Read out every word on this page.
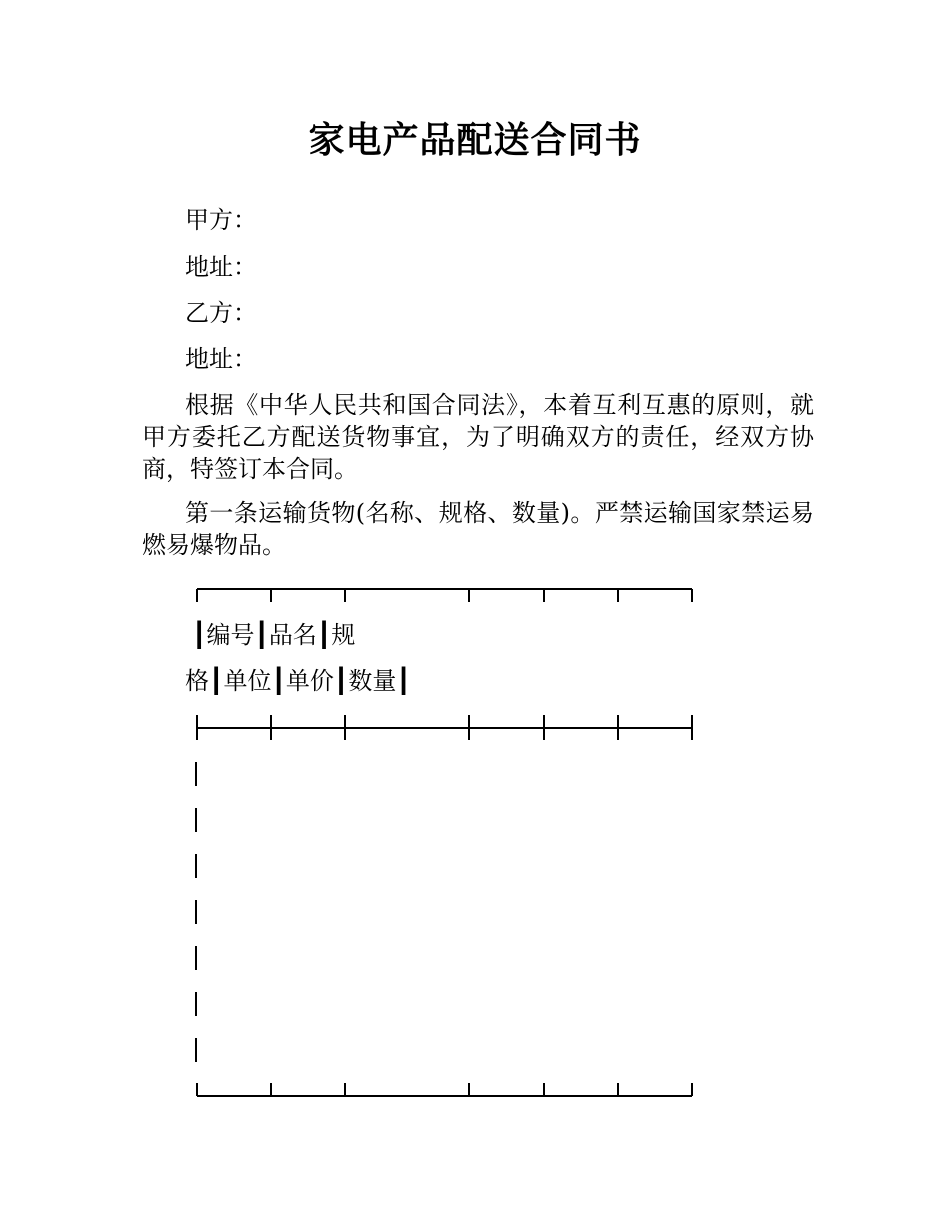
家电产品配送合同书
甲方：
地址：
乙方：
地址：
根据《中华人民共和国合同法》，本着互利互惠的原则，就甲方委托乙方配送货物事宜，为了明确双方的责任，经双方协商，特签订本合同。
第一条运输货物(名称、规格、数量)。严禁运输国家禁运易燃易爆物品。
┃编号┃品名┃规
格┃单位┃单价┃数量┃
